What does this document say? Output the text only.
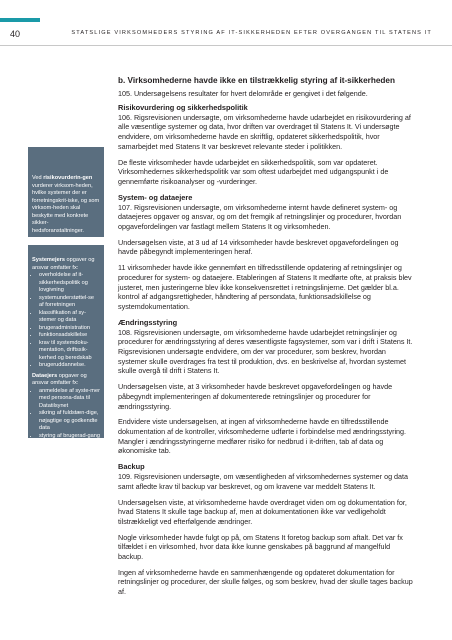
40	STATSLIGE VIRKSOMHEDERS STYRING AF IT-SIKKERHEDEN EFTER OVERGANGEN TIL STATENS IT

Ved risikovurderin-gen vurderer virksom-heden, hvilke systemer der er forretningskrit-iske, og som virksom-heden skal beskytte med konkrete sikker-hedsforanstaltninger.

Systemejers opgaver og ansvar omfatter fx:

• overholdelse af it-sikkerhedspolitik og lovgivning
• systemunderstøttel-se af forretningen
• klassifikation af sy-stemer og data
• brugeradministration
• funktionsadskillelse
• krav til systemdoku-mentation, driftssik-kerhed og beredskab
• brugeruddannelse.

Dataejers opgaver og ansvar omfatter fx:

• anmeldelse af syste-mer med persona-data til Datatilsynet
• sikring af fuldstæn-dige, nøjagtige og godkendte data
• styring af brugerad-gang til data.
b. Virksomhederne havde ikke en tilstrækkelig styring af it-sikkerheden

105. Undersøgelsens resultater for hvert delområde er gengivet i det følgende.

Risikovurdering og sikkerhedspolitik

106. Rigsrevisionen undersøgte, om virksomhederne havde udarbejdet en risikovurdering af alle væsentlige systemer og data, hvor driften var overdraget til Statens It. Vi undersøgte endvidere, om virksomhederne havde en skriftlig, opdateret sikkerhedspolitik, hvor samarbejdet med Statens It var beskrevet relevante steder i politikken.

De fleste virksomheder havde udarbejdet en sikkerhedspolitik, som var opdateret. Virksomhedernes sikkerhedspolitik var som oftest udarbejdet med udgangspunkt i de gennemførte risikoanalyser og -vurderinger.

System- og dataejere

107. Rigsrevisionen undersøgte, om virksomhederne internt havde defineret system- og dataejeres opgaver og ansvar, og om det fremgik af retningslinjer og procedurer, hvordan opgavefordelingen var fastlagt mellem Statens It og virksomheden.

Undersøgelsen viste, at 3 ud af 14 virksomheder havde beskrevet opgavefordelingen og havde påbegyndt implementeringen heraf.

11 virksomheder havde ikke gennemført en tilfredsstillende opdatering af retningslinjer og procedurer for system- og dataejere. Etableringen af Statens It medførte ofte, at praksis blev justeret, men justeringerne blev ikke konsekvensrettet i retningslinjerne. Det gælder bl.a. kontrol af adgangsrettigheder, håndtering af persondata, funktionsadskillelse og systemdokumentation.

Ændringsstyring

108. Rigsrevisionen undersøgte, om virksomhederne havde udarbejdet retningslinjer og procedurer for ændringsstyring af deres væsentligste fagsystemer, som var i drift i Statens It. Rigsrevisionen undersøgte endvidere, om der var procedurer, som beskrev, hvordan systemer skulle overdrages fra test til produktion, dvs. en beskrivelse af, hvordan systemet skulle overgå til drift i Statens It.

Undersøgelsen viste, at 3 virksomheder havde beskrevet opgavefordelingen og havde påbegyndt implementeringen af dokumenterede retningslinjer og procedurer for ændringsstyring.

Endvidere viste undersøgelsen, at ingen af virksomhederne havde en tilfredsstillende dokumentation af de kontroller, virksomhederne udførte i forbindelse med ændringsstyring. Mangler i ændringsstyringerne medfører risiko for nedbrud i it-driften, tab af data og økonomiske tab.

Backup

109. Rigsrevisionen undersøgte, om væsentligheden af virksomhedernes systemer og data samt afledte krav til backup var beskrevet, og om kravene var meddelt Statens It.

Undersøgelsen viste, at virksomhederne havde overdraget viden om og dokumentation for, hvad Statens It skulle tage backup af, men at dokumentationen ikke var vedligeholdt tilstrækkeligt ved efterfølgende ændringer.

Nogle virksomheder havde fulgt op på, om Statens It foretog backup som aftalt. Det var fx tilfældet i en virksomhed, hvor data ikke kunne genskabes på baggrund af mangelfuld backup.

Ingen af virksomhederne havde en sammenhængende og opdateret dokumentation for retningslinjer og procedurer, der skulle følges, og som beskrev, hvad der skulle tages backup af.
